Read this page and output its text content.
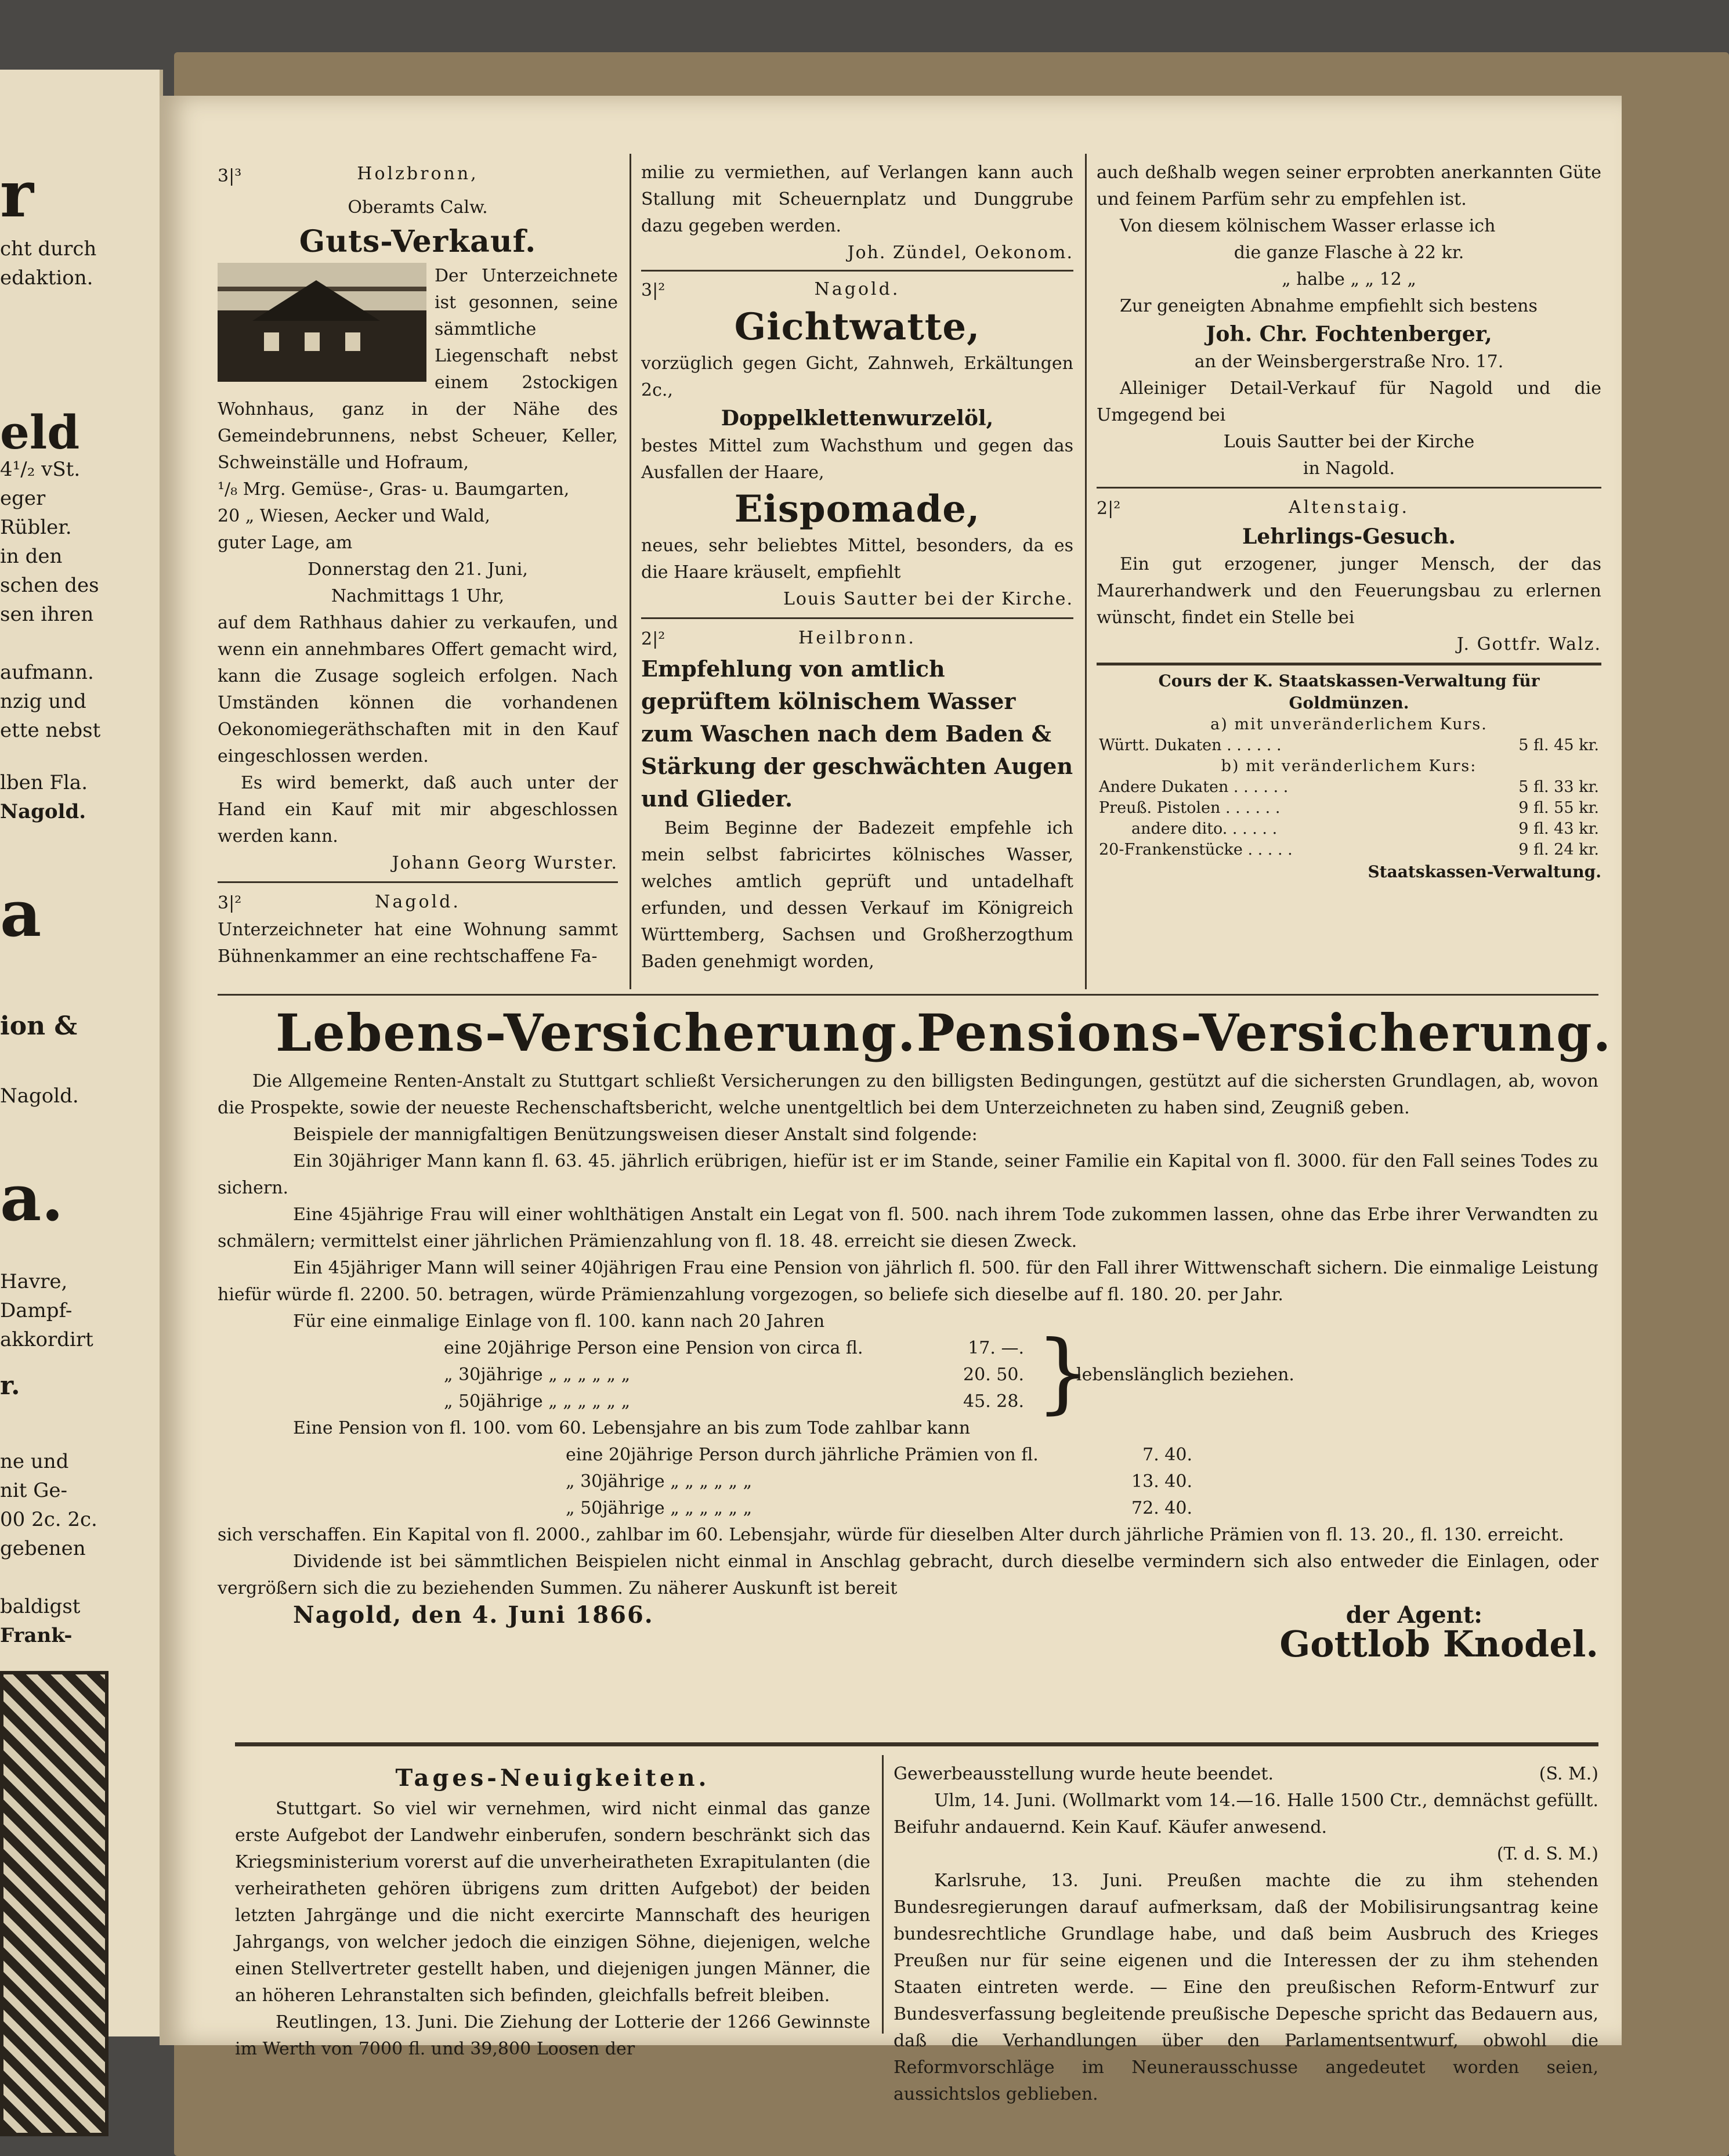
r
cht durch
edaktion.
eld
4¹/₂ vSt.
eger
Rübler.
in den
schen des
sen ihren
aufmann.
nzig und
ette nebst
lben Fla.
Nagold.
a
ion &
Nagold.
a.
Havre,
Dampf-
akkordirt
r.
ne und
nit Ge-
00 2c. 2c.
gebenen
baldigst
Frank-
3|³	Holzbronn,
Oberamts Calw.
Guts-Verkauf.

Der Unterzeichnete ist gesonnen, seine sämmtliche Liegenschaft nebst einem 2stockigen Wohnhaus, ganz in der Nähe des Gemeindebrunnens, nebst Scheuer, Keller, Schweinställe und Hofraum,

¹/₈ Mrg. Gemüse-, Gras- u. Baumgarten,

20 „ Wiesen, Aecker und Wald,

guter Lage, am

Donnerstag den 21. Juni,

Nachmittags 1 Uhr,

auf dem Rathhaus dahier zu verkaufen, und wenn ein annehmbares Offert gemacht wird, kann die Zusage sogleich erfolgen. Nach Umständen können die vorhandenen Oekonomiegeräthschaften mit in den Kauf eingeschlossen werden.

Es wird bemerkt, daß auch unter der Hand ein Kauf mit mir abgeschlossen werden kann.

Johann Georg Wurster.

3|²	Nagold.

Unterzeichneter hat eine Wohnung sammt Bühnenkammer an eine rechtschaffene Fa-

milie zu vermiethen, auf Verlangen kann auch Stallung mit Scheuernplatz und Dunggrube dazu gegeben werden.

Joh. Zündel, Oekonom.

3|²	Nagold.
Gichtwatte,

vorzüglich gegen Gicht, Zahnweh, Erkältungen 2c.,

Doppelklettenwurzelöl,

bestes Mittel zum Wachsthum und gegen das Ausfallen der Haare,

Eispomade,

neues, sehr beliebtes Mittel, besonders, da es die Haare kräuselt, empfiehlt

Louis Sautter bei der Kirche.

2|²	Heilbronn.
Empfehlung von amtlich geprüftem kölnischem Wasser zum Waschen nach dem Baden & Stärkung der geschwächten Augen und Glieder.

Beim Beginne der Badezeit empfehle ich mein selbst fabricirtes kölnisches Wasser, welches amtlich geprüft und untadelhaft erfunden, und dessen Verkauf im Königreich Württemberg, Sachsen und Großherzogthum Baden genehmigt worden,

auch deßhalb wegen seiner erprobten anerkannten Güte und feinem Parfüm sehr zu empfehlen ist.

Von diesem kölnischem Wasser erlasse ich

die ganze Flasche à 22 kr.

„ halbe „ „ 12 „

Zur geneigten Abnahme empfiehlt sich bestens

Joh. Chr. Fochtenberger,

an der Weinsbergerstraße Nro. 17.

Alleiniger Detail-Verkauf für Nagold und die Umgegend bei

Louis Sautter bei der Kirche

in Nagold.

2|²	Altenstaig.
Lehrlings-Gesuch.

Ein gut erzogener, junger Mensch, der das Maurerhandwerk und den Feuerungsbau zu erlernen wünscht, findet ein Stelle bei

J. Gottfr. Walz.

Cours der K. Staatskassen-Verwaltung für Goldmünzen.
a) mit unveränderlichem Kurs.
Württ. Dukaten . . . . . .	5 fl. 45 kr.
b) mit veränderlichem Kurs:
Andere Dukaten . . . . . .	5 fl. 33 kr.
Preuß. Pistolen . . . . . .	9 fl. 55 kr.
andere dito. . . . . .	9 fl. 43 kr.
20-Frankenstücke . . . . .	9 fl. 24 kr.
Staatskassen-Verwaltung.
Lebens-Versicherung. Pensions-Versicherung.

Die Allgemeine Renten-Anstalt zu Stuttgart schließt Versicherungen zu den billigsten Bedingungen, gestützt auf die sichersten Grundlagen, ab, wovon die Prospekte, sowie der neueste Rechenschaftsbericht, welche unentgeltlich bei dem Unterzeichneten zu haben sind, Zeugniß geben.

Beispiele der mannigfaltigen Benützungsweisen dieser Anstalt sind folgende:

Ein 30jähriger Mann kann fl. 63. 45. jährlich erübrigen, hiefür ist er im Stande, seiner Familie ein Kapital von fl. 3000. für den Fall seines Todes zu sichern.

Eine 45jährige Frau will einer wohlthätigen Anstalt ein Legat von fl. 500. nach ihrem Tode zukommen lassen, ohne das Erbe ihrer Verwandten zu schmälern; vermittelst einer jährlichen Prämienzahlung von fl. 18. 48. erreicht sie diesen Zweck.

Ein 45jähriger Mann will seiner 40jährigen Frau eine Pension von jährlich fl. 500. für den Fall ihrer Wittwenschaft sichern. Die einmalige Leistung hiefür würde fl. 2200. 50. betragen, würde Prämienzahlung vorgezogen, so beliefe sich dieselbe auf fl. 180. 20. per Jahr.

Für eine einmalige Einlage von fl. 100. kann nach 20 Jahren

eine 20jährige Person eine Pension von circa fl.	17. —.
„ 30jährige „ „ „ „ „ „	20. 50.
„ 50jährige „ „ „ „ „ „	45. 28. }
lebenslänglich beziehen.

Eine Pension von fl. 100. vom 60. Lebensjahre an bis zum Tode zahlbar kann

eine 20jährige Person durch jährliche Prämien von fl.	7. 40.
„ 30jährige „ „ „ „ „ „	13. 40.
„ 50jährige „ „ „ „ „ „	72. 40.

sich verschaffen. Ein Kapital von fl. 2000., zahlbar im 60. Lebensjahr, würde für dieselben Alter durch jährliche Prämien von fl. 13. 20., fl. 130. erreicht.

Dividende ist bei sämmtlichen Beispielen nicht einmal in Anschlag gebracht, durch dieselbe vermindern sich also entweder die Einlagen, oder vergrößern sich die zu beziehenden Summen. Zu näherer Auskunft ist bereit

Nagold, den 4. Juni 1866.	der Agent:
Gottlob Knodel.
Tages-Neuigkeiten.

Stuttgart. So viel wir vernehmen, wird nicht einmal das ganze erste Aufgebot der Landwehr einberufen, sondern beschränkt sich das Kriegsministerium vorerst auf die unverheiratheten Exrapitulanten (die verheiratheten gehören übrigens zum dritten Aufgebot) der beiden letzten Jahrgänge und die nicht exercirte Mannschaft des heurigen Jahrgangs, von welcher jedoch die einzigen Söhne, diejenigen, welche einen Stellvertreter gestellt haben, und diejenigen jungen Männer, die an höheren Lehranstalten sich befinden, gleichfalls befreit bleiben.

Reutlingen, 13. Juni. Die Ziehung der Lotterie der 1266 Gewinnste im Werth von 7000 fl. und 39,800 Loosen der

Gewerbeausstellung wurde heute beendet.	(S. M.)

Ulm, 14. Juni. (Wollmarkt vom 14.—16. Halle 1500 Ctr., demnächst gefüllt. Beifuhr andauernd. Kein Kauf. Käufer anwesend.

(T. d. S. M.)

Karlsruhe, 13. Juni. Preußen machte die zu ihm stehenden Bundesregierungen darauf aufmerksam, daß der Mobilisirungsantrag keine bundesrechtliche Grundlage habe, und daß beim Ausbruch des Krieges Preußen nur für seine eigenen und die Interessen der zu ihm stehenden Staaten eintreten werde. — Eine den preußischen Reform-Entwurf zur Bundesverfassung begleitende preußische Depesche spricht das Bedauern aus, daß die Verhandlungen über den Parlamentsentwurf, obwohl die Reformvorschläge im Neunerausschusse angedeutet worden seien, aussichtslos geblieben.
